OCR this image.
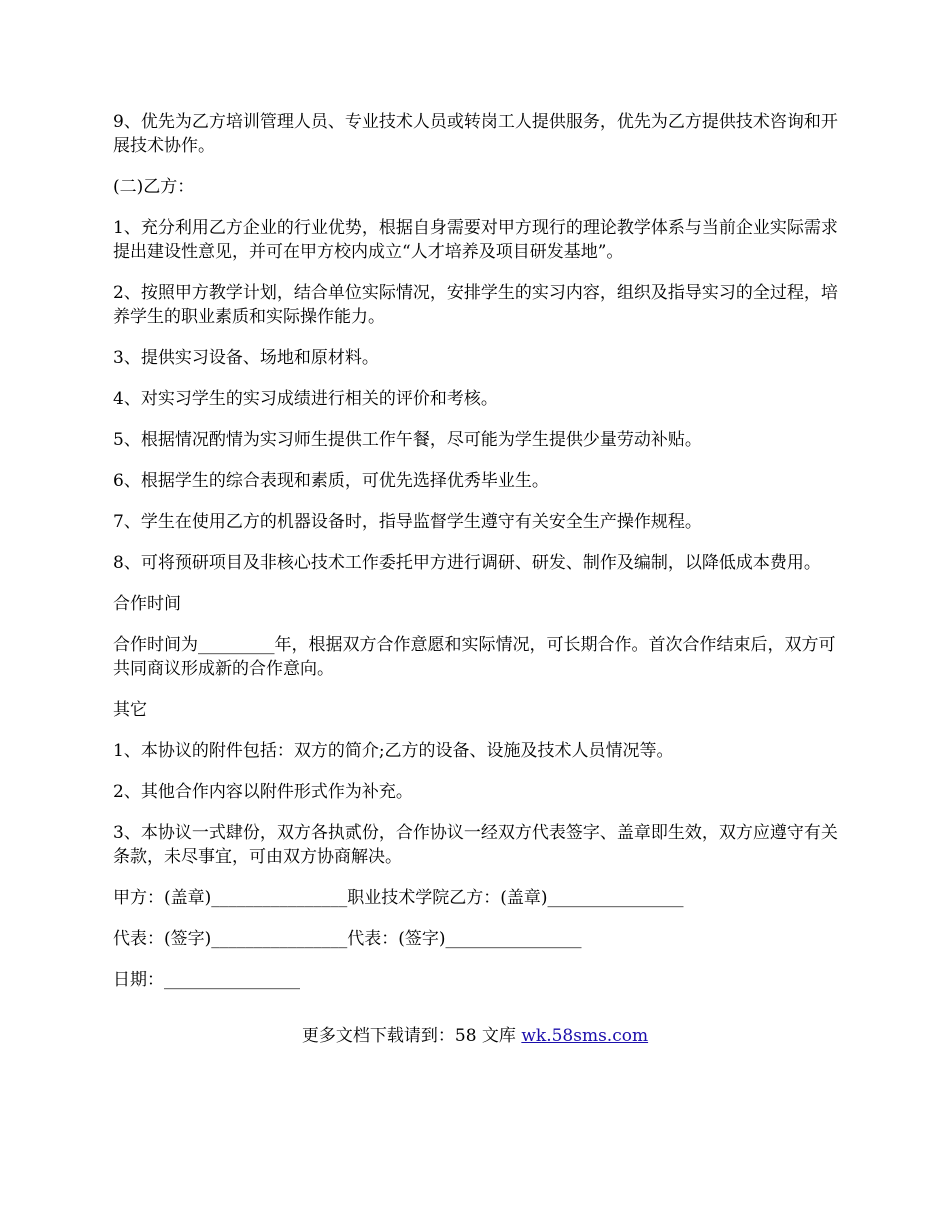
9、优先为乙方培训管理人员、专业技术人员或转岗工人提供服务，优先为乙方提供技术咨询和开展技术协作。

(二)乙方：

1、充分利用乙方企业的行业优势，根据自身需要对甲方现行的理论教学体系与当前企业实际需求提出建设性意见，并可在甲方校内成立“人才培养及项目研发基地”。

2、按照甲方教学计划，结合单位实际情况，安排学生的实习内容，组织及指导实习的全过程，培养学生的职业素质和实际操作能力。

3、提供实习设备、场地和原材料。

4、对实习学生的实习成绩进行相关的评价和考核。

5、根据情况酌情为实习师生提供工作午餐，尽可能为学生提供少量劳动补贴。

6、根据学生的综合表现和素质，可优先选择优秀毕业生。

7、学生在使用乙方的机器设备时，指导监督学生遵守有关安全生产操作规程。

8、可将预研项目及非核心技术工作委托甲方进行调研、研发、制作及编制，以降低成本费用。

合作时间

合作时间为_________年，根据双方合作意愿和实际情况，可长期合作。首次合作结束后，双方可共同商议形成新的合作意向。

其它

1、本协议的附件包括：双方的简介;乙方的设备、设施及技术人员情况等。

2、其他合作内容以附件形式作为补充。

3、本协议一式肆份，双方各执贰份，合作协议一经双方代表签字、盖章即生效，双方应遵守有关条款，未尽事宜，可由双方协商解决。

甲方：(盖章)________________职业技术学院乙方：(盖章)________________

代表：(签字)________________代表：(签字)________________

日期：________________

更多文档下载请到：58 文库 wk.58sms.com
